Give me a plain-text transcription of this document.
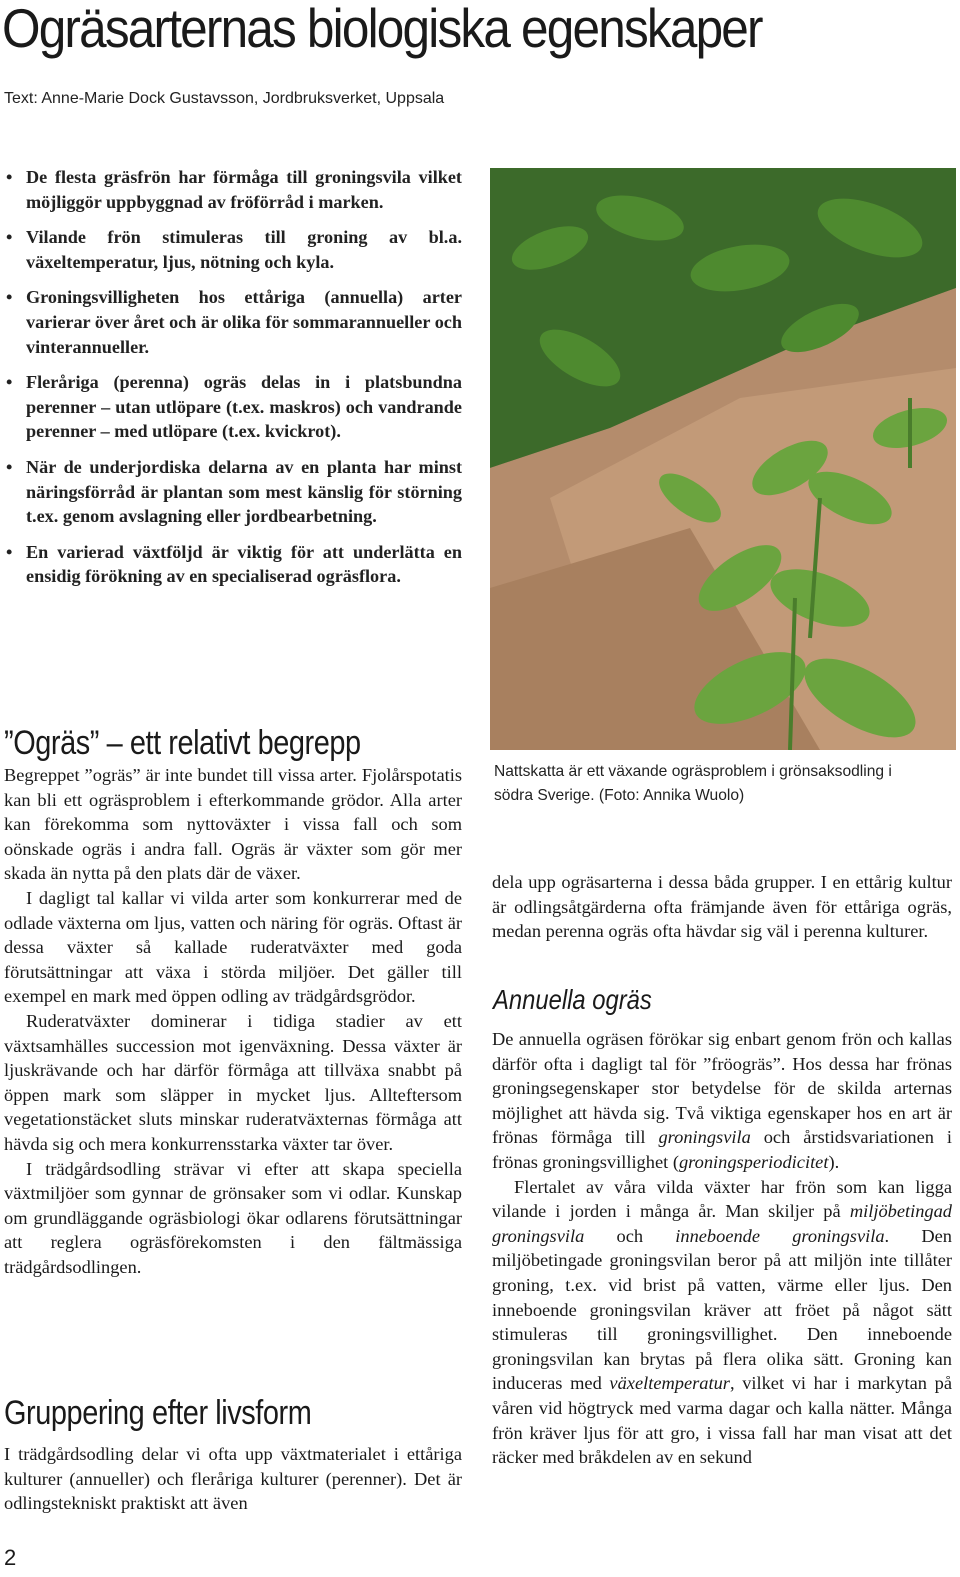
Ogräsarternas biologiska egenskaper
Text: Anne-Marie Dock Gustavsson, Jordbruksverket, Uppsala
• De flesta gräsfrön har förmåga till groningsvila vilket möjliggör uppbyggnad av fröförråd i marken.
• Vilande frön stimuleras till groning av bl.a. växeltemperatur, ljus, nötning och kyla.
• Groningsvilligheten hos ettåriga (annuella) arter varierar över året och är olika för sommarannueller och vinterannueller.
• Fleråriga (perenna) ogräs delas in i platsbundna perenner – utan utlöpare (t.ex. maskros) och vandrande perenner – med utlöpare (t.ex. kvickrot).
• När de underjordiska delarna av en planta har minst näringsförråd är plantan som mest känslig för störning t.ex. genom avslagning eller jordbearbetning.
• En varierad växtföljd är viktig för att underlätta en ensidig förökning av en specialiserad ogräsflora.
”Ogräs” – ett relativt begrepp

Begreppet ”ogräs” är inte bundet till vissa arter. Fjolårspotatis kan bli ett ogräsproblem i efterkommande grödor. Alla arter kan förekomma som nyttoväxter i vissa fall och som oönskade ogräs i andra fall. Ogräs är växter som gör mer skada än nytta på den plats där de växer.

I dagligt tal kallar vi vilda arter som konkurrerar med de odlade växterna om ljus, vatten och näring för ogräs. Oftast är dessa växter så kallade ruderatväxter med goda förutsättningar att växa i störda miljöer. Det gäller till exempel en mark med öppen odling av trädgårdsgrödor.

Ruderatväxter dominerar i tidiga stadier av ett växtsamhälles succession mot igenväxning. Dessa växter är ljuskrävande och har därför förmåga att tillväxa snabbt på öppen mark som släpper in mycket ljus. Allteftersom vegetationstäcket sluts minskar ruderatväxternas förmåga att hävda sig och mera konkurrensstarka växter tar över.

I trädgårdsodling strävar vi efter att skapa speciella växtmiljöer som gynnar de grönsaker som vi odlar. Kunskap om grundläggande ogräsbiologi ökar odlarens förutsättningar att reglera ogräsförekomsten i den fältmässiga trädgårdsodlingen.

Gruppering efter livsform

I trädgårdsodling delar vi ofta upp växtmaterialet i ettåriga kulturer (annueller) och fleråriga kulturer (perenner). Det är odlingstekniskt praktiskt att även

Nattskatta är ett växande ogräsproblem i grönsaksodling i södra Sverige. (Foto: Annika Wuolo)

dela upp ogräsarterna i dessa båda grupper. I en ettårig kultur är odlingsåtgärderna ofta främjande även för ettåriga ogräs, medan perenna ogräs ofta hävdar sig väl i perenna kulturer.

Annuella ogräs

De annuella ogräsen förökar sig enbart genom frön och kallas därför ofta i dagligt tal för ”fröogräs”. Hos dessa har frönas groningsegenskaper stor betydelse för de skilda arternas möjlighet att hävda sig. Två viktiga egenskaper hos en art är frönas förmåga till groningsvila och årstidsvariationen i frönas groningsvillighet (groningsperiodicitet).

Flertalet av våra vilda växter har frön som kan ligga vilande i jorden i många år. Man skiljer på miljöbetingad groningsvila och inneboende groningsvila. Den miljöbetingade groningsvilan beror på att miljön inte tillåter groning, t.ex. vid brist på vatten, värme eller ljus. Den inneboende groningsvilan kräver att fröet på något sätt stimuleras till groningsvillighet. Den inneboende groningsvilan kan brytas på flera olika sätt. Groning kan induceras med växeltemperatur, vilket vi har i markytan på våren vid högtryck med varma dagar och kalla nätter. Många frön kräver ljus för att gro, i vissa fall har man visat att det räcker med bråkdelen av en sekund

2
